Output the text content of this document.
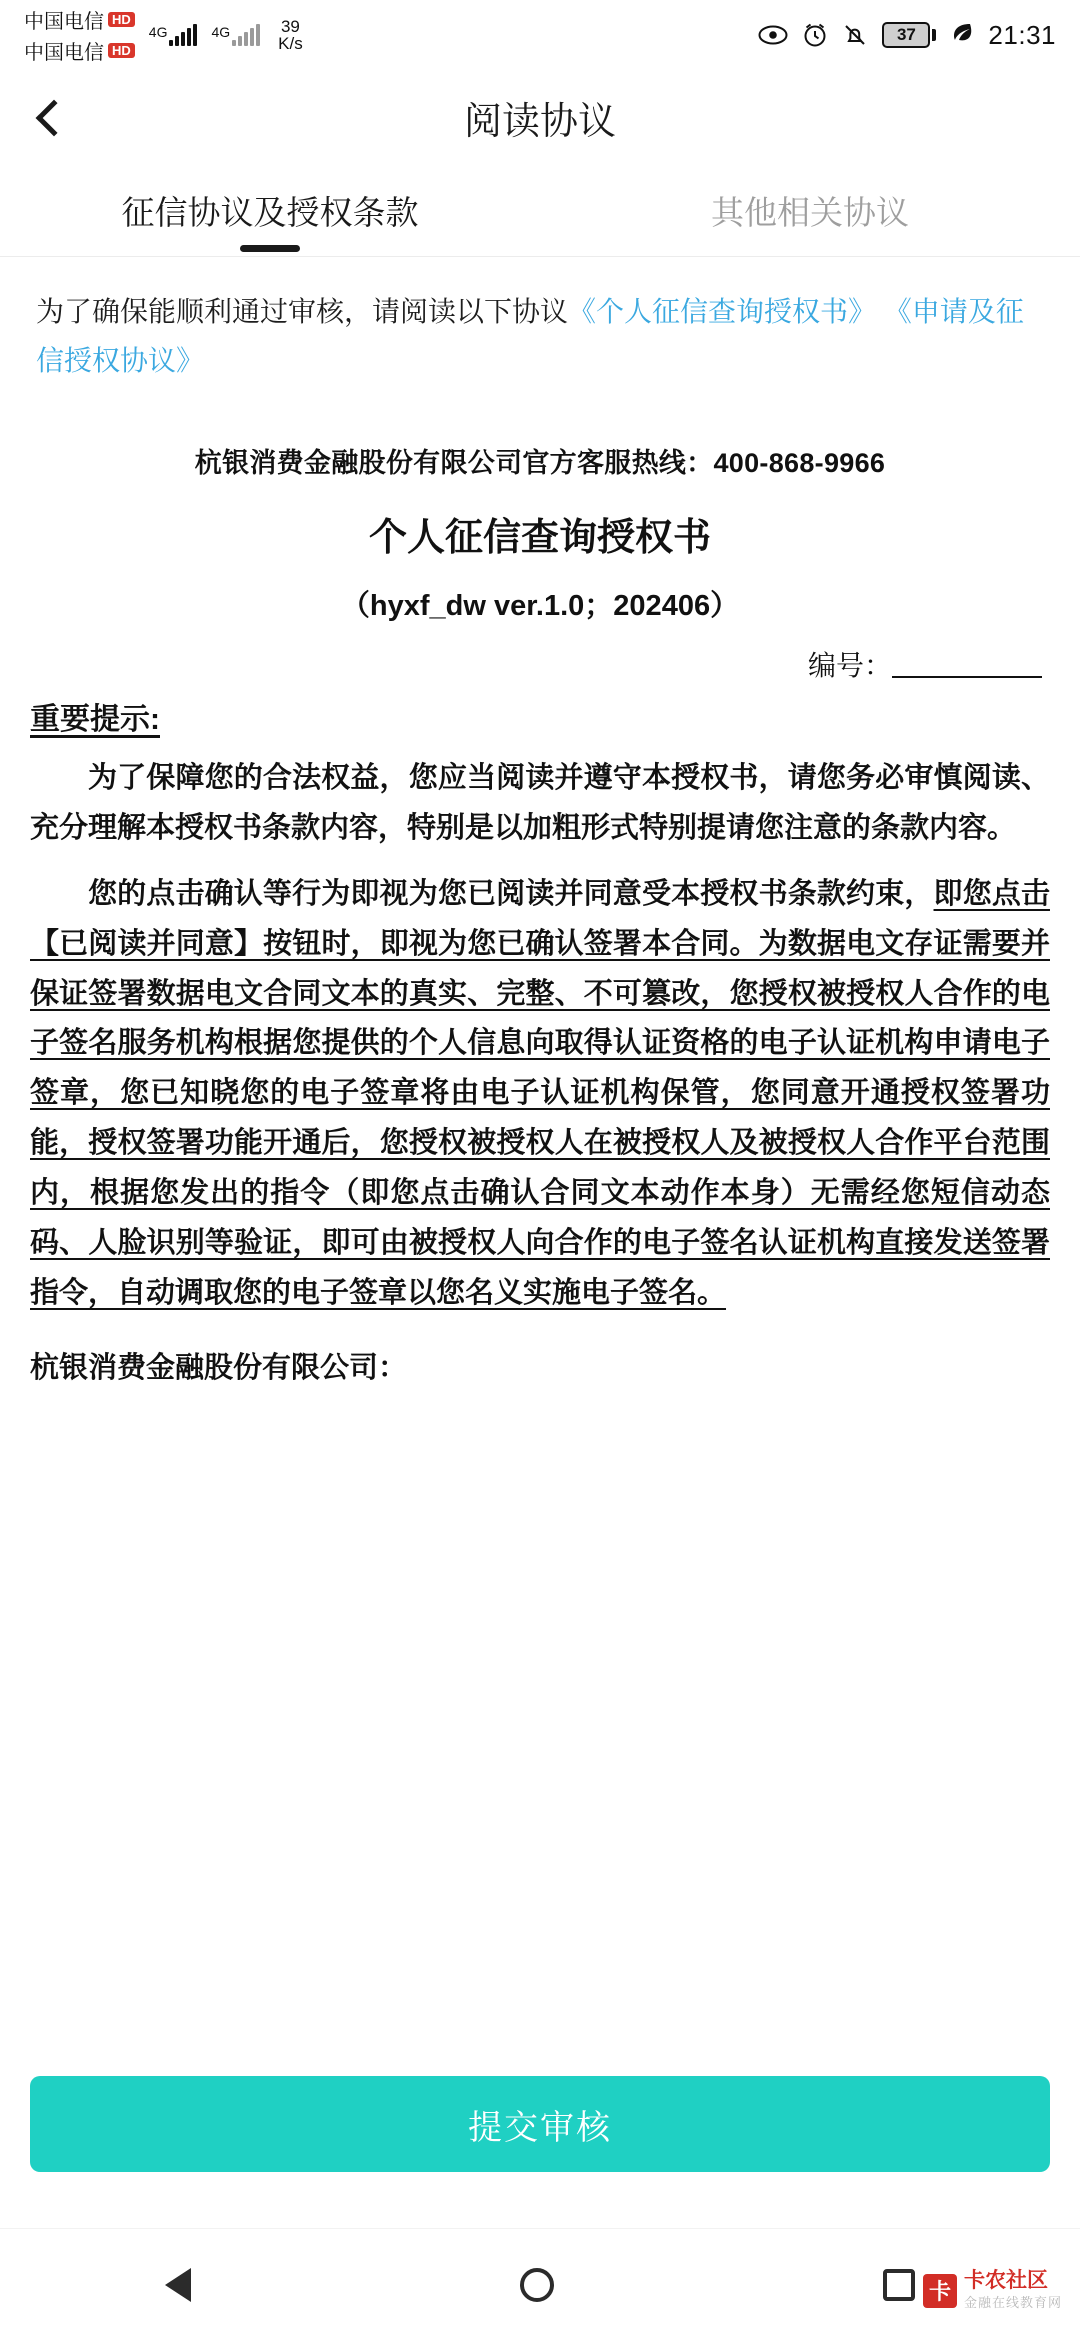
中国电信 HD
中国电信 HD
4G	4G	39
K/s	37	21:31
阅读协议
征信协议及授权条款	其他相关协议
为了确保能顺利通过审核，请阅读以下协议《个人征信查询授权书》 《申请及征信授权协议》
杭银消费金融股份有限公司官方客服热线：400-868-9966
个人征信查询授权书
（hyxf_dw ver.1.0；202406）
编号：
重要提示:
为了保障您的合法权益，您应当阅读并遵守本授权书，请您务必审慎阅读、充分理解本授权书条款内容，特别是以加粗形式特别提请您注意的条款内容。
您的点击确认等行为即视为您已阅读并同意受本授权书条款约束，即您点击【已阅读并同意】按钮时，即视为您已确认签署本合同。为数据电文存证需要并保证签署数据电文合同文本的真实、完整、不可篡改，您授权被授权人合作的电子签名服务机构根据您提供的个人信息向取得认证资格的电子认证机构申请电子签章，您已知晓您的电子签章将由电子认证机构保管，您同意开通授权签署功能，授权签署功能开通后，您授权被授权人在被授权人及被授权人合作平台范围内，根据您发出的指令（即您点击确认合同文本动作本身）无需经您短信动态码、人脸识别等验证，即可由被授权人向合作的电子签名认证机构直接发送签署指令，自动调取您的电子签章以您名义实施电子签名。
杭银消费金融股份有限公司：
提交审核
卡 卡农社区
金融在线教育网
